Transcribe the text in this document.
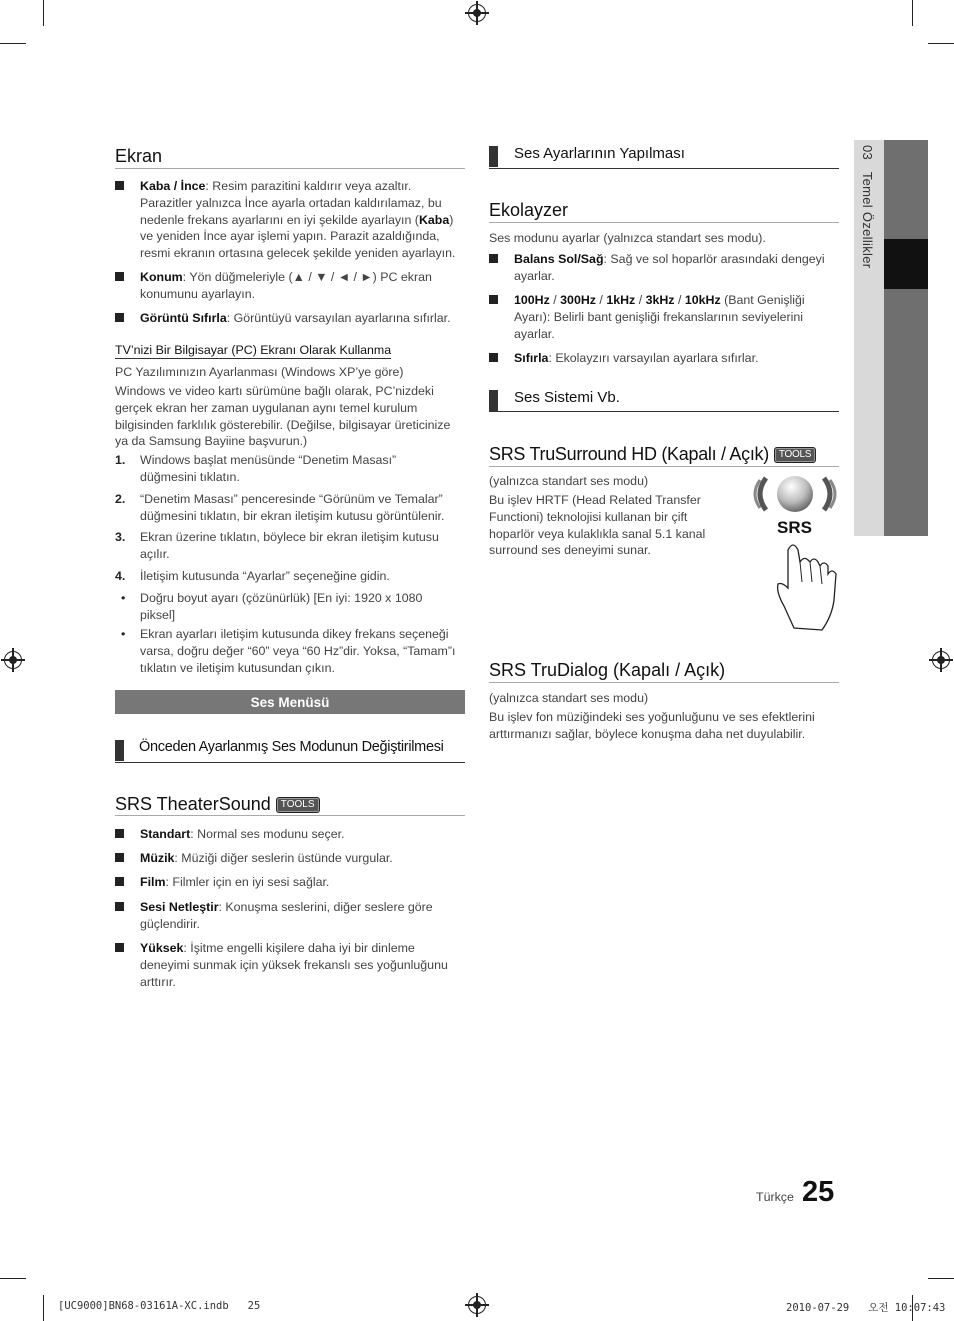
03   Temel Özellikler
Ekran
Kaba / İnce: Resim parazitini kaldırır veya azaltır. Parazitler yalnızca İnce ayarla ortadan kaldırılamaz, bu nedenle frekans ayarlarını en iyi şekilde ayarlayın (Kaba) ve yeniden İnce ayar işlemi yapın. Parazit azaldığında, resmi ekranın ortasına gelecek şekilde yeniden ayarlayın.
Konum: Yön düğmeleriyle (▲ / ▼ / ◄ / ►) PC ekran konumunu ayarlayın.
Görüntü Sıfırla: Görüntüyü varsayılan ayarlarına sıfırlar.
TV’nizi Bir Bilgisayar (PC) Ekranı Olarak Kullanma
PC Yazılımınızın Ayarlanması (Windows XP’ye göre)
Windows ve video kartı sürümüne bağlı olarak, PC’nizdeki gerçek ekran her zaman uygulanan aynı temel kurulum bilgisinden farklılık gösterebilir. (Değilse, bilgisayar üreticinize ya da Samsung Bayiine başvurun.)
1. Windows başlat menüsünde “Denetim Masası” düğmesini tıklatın.
2. “Denetim Masası” penceresinde “Görünüm ve Temalar” düğmesini tıklatın, bir ekran iletişim kutusu görüntülenir.
3. Ekran üzerine tıklatın, böylece bir ekran iletişim kutusu açılır.
4. İletişim kutusunda “Ayarlar” seçeneğine gidin.
• Doğru boyut ayarı (çözünürlük) [En iyi: 1920 x 1080 piksel]
• Ekran ayarları iletişim kutusunda dikey frekans seçeneği varsa, doğru değer “60” veya “60 Hz”dir. Yoksa, “Tamam”ı tıklatın ve iletişim kutusundan çıkın.
Ses Menüsü
Önceden Ayarlanmış Ses Modunun Değiştirilmesi
SRS TheaterSound TOOLS
Standart: Normal ses modunu seçer.
Müzik: Müziği diğer seslerin üstünde vurgular.
Film: Filmler için en iyi sesi sağlar.
Sesi Netleştir: Konuşma seslerini, diğer seslere göre güçlendirir.
Yüksek: İşitme engelli kişilere daha iyi bir dinleme deneyimi sunmak için yüksek frekanslı ses yoğunluğunu arttırır.
Ses Ayarlarının Yapılması
Ekolayzer
Ses modunu ayarlar (yalnızca standart ses modu).
Balans Sol/Sağ: Sağ ve sol hoparlör arasındaki dengeyi ayarlar.
100Hz / 300Hz / 1kHz / 3kHz / 10kHz (Bant Genişliği Ayarı): Belirli bant genişliği frekanslarının seviyelerini ayarlar.
Sıfırla: Ekolayzırı varsayılan ayarlara sıfırlar.
Ses Sistemi Vb.
SRS TruSurround HD (Kapalı / Açık) TOOLS
(yalnızca standart ses modu)
Bu işlev HRTF (Head Related Transfer Functioni) teknolojisi kullanan bir çift hoparlör veya kulaklıkla sanal 5.1 kanal surround ses deneyimi sunar.
SRS
SRS TruDialog (Kapalı / Açık)
(yalnızca standart ses modu)
Bu işlev fon müziğindeki ses yoğunluğunu ve ses efektlerini arttırmanızı sağlar, böylece konuşma daha net duyulabilir.
Türkçe 25
[UC9000]BN68-03161A-XC.indb   25	2010-07-29   오전 10:07:43
